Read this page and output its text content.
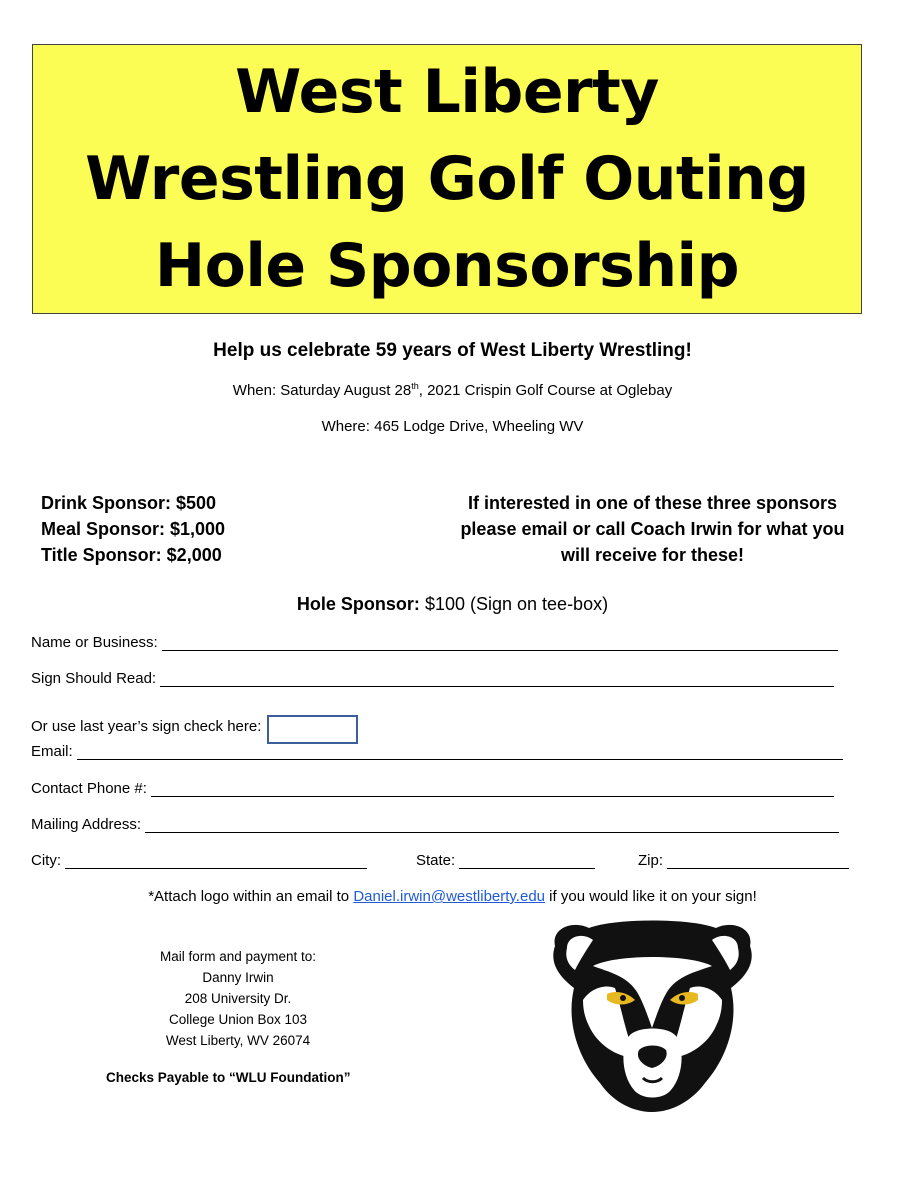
West Liberty Wrestling Golf Outing Hole Sponsorship
Help us celebrate 59 years of West Liberty Wrestling!
When: Saturday August 28th, 2021 Crispin Golf Course at Oglebay
Where: 465 Lodge Drive, Wheeling WV
Drink Sponsor: $500
Meal Sponsor: $1,000
Title Sponsor: $2,000
If interested in one of these three sponsors please email or call Coach Irwin for what you will receive for these!
Hole Sponsor: $100 (Sign on tee-box)
Name or Business:
Sign Should Read:
Or use last year’s sign check here:
Email:
Contact Phone #:
Mailing Address:
City:	State:	Zip:
*Attach logo within an email to Daniel.irwin@westliberty.edu if you would like it on your sign!
Mail form and payment to:
Danny Irwin
208 University Dr.
College Union Box 103
West Liberty, WV 26074
Checks Payable to “WLU Foundation”
